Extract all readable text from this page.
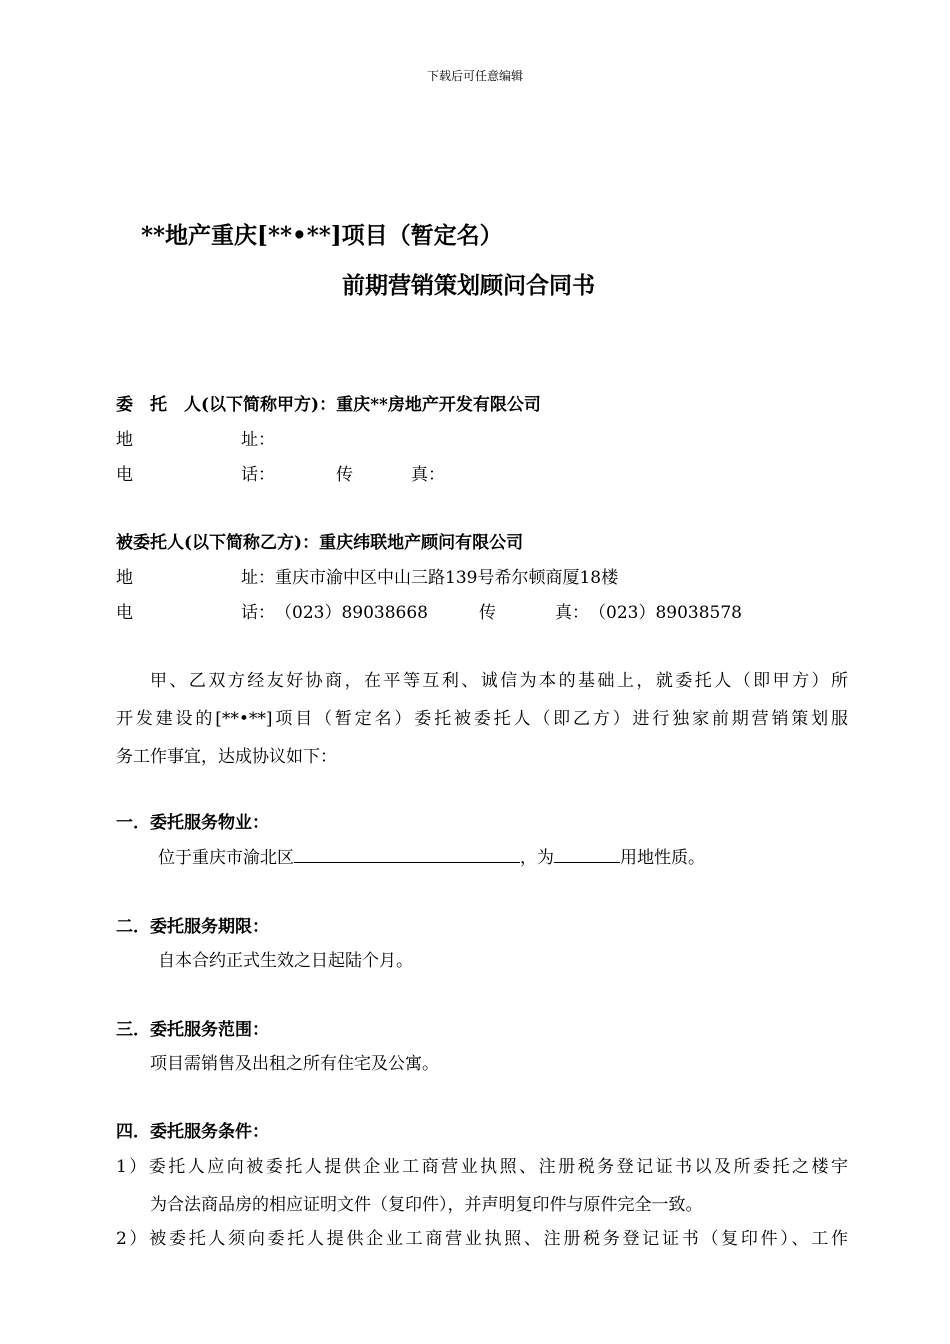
下载后可任意编辑
**地产重庆[**•**]项目（暂定名）
前期营销策划顾问合同书
委　托　人(以下简称甲方)：重庆**房地产开发有限公司
地	址：
电	话：	传	真：
被委托人(以下简称乙方)：重庆纬联地产顾问有限公司
地	址： 重庆市渝中区中山三路139号希尔顿商厦18楼
电	话： （023）89038668	传	真： （023）89038578
甲、乙双方经友好协商，在平等互利、诚信为本的基础上，就委托人（即甲方）所
开发建设的[**•**]项目（暂定名）委托被委托人（即乙方）进行独家前期营销策划服
务工作事宜，达成协议如下：
一．委托服务物业：
位于重庆市渝北区	，为	用地性质。
二．委托服务期限：
自本合约正式生效之日起陆个月。
三．委托服务范围：
项目需销售及出租之所有住宅及公寓。
四．委托服务条件：
1）委托人应向被委托人提供企业工商营业执照、注册税务登记证书以及所委托之楼宇
为合法商品房的相应证明文件（复印件），并声明复印件与原件完全一致。
2）被委托人须向委托人提供企业工商营业执照、注册税务登记证书（复印件）、工作
